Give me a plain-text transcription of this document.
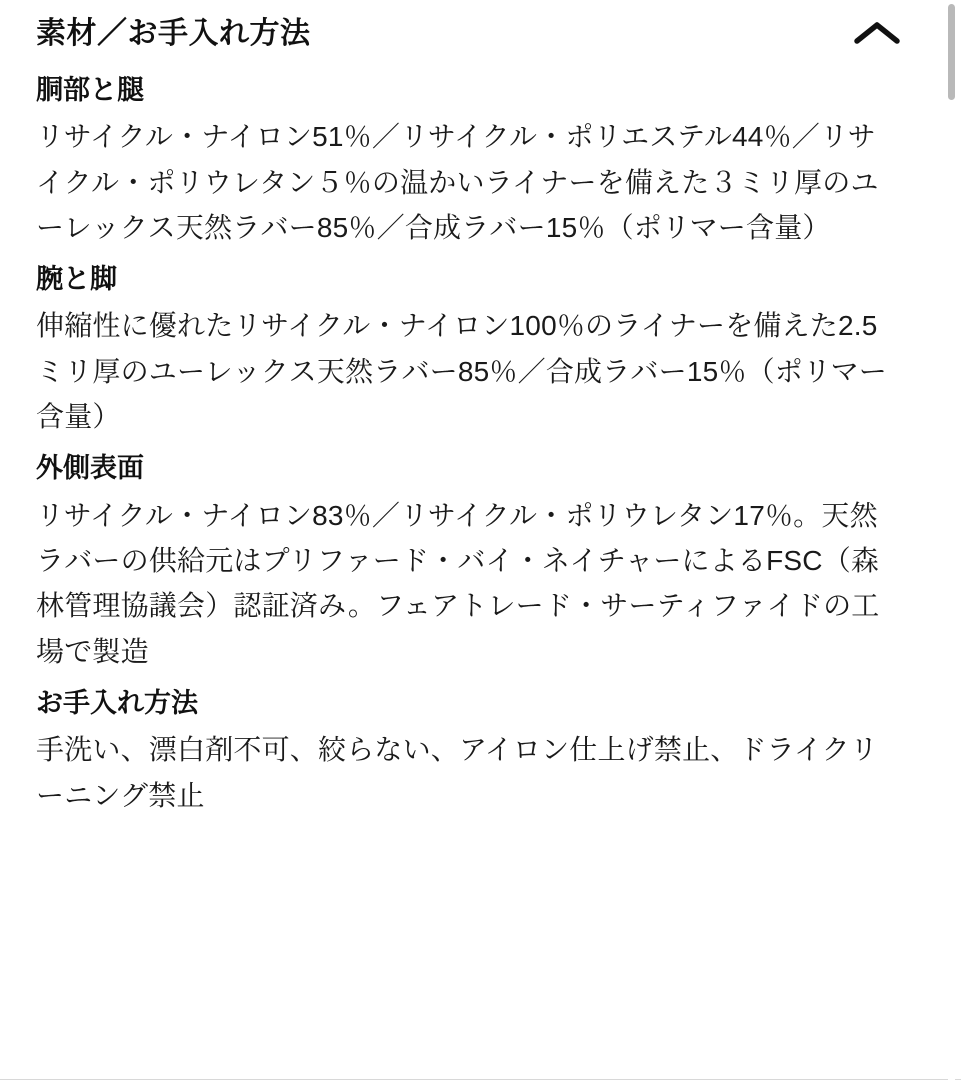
素材／お手入れ方法
胴部と腿

リサイクル・ナイロン51％／リサイクル・ポリエステル44％／リサイクル・ポリウレタン５％の温かいライナーを備えた３ミリ厚のユーレックス天然ラバー85％／合成ラバー15％（ポリマー含量）

腕と脚

伸縮性に優れたリサイクル・ナイロン100％のライナーを備えた2.5ミリ厚のユーレックス天然ラバー85％／合成ラバー15％（ポリマー含量）

外側表面

リサイクル・ナイロン83％／リサイクル・ポリウレタン17％。天然ラバーの供給元はプリファード・バイ・ネイチャーによるFSC（森林管理協議会）認証済み。フェアトレード・サーティファイドの工場で製造

お手入れ方法

手洗い、漂白剤不可、絞らない、アイロン仕上げ禁止、ドライクリーニング禁止
